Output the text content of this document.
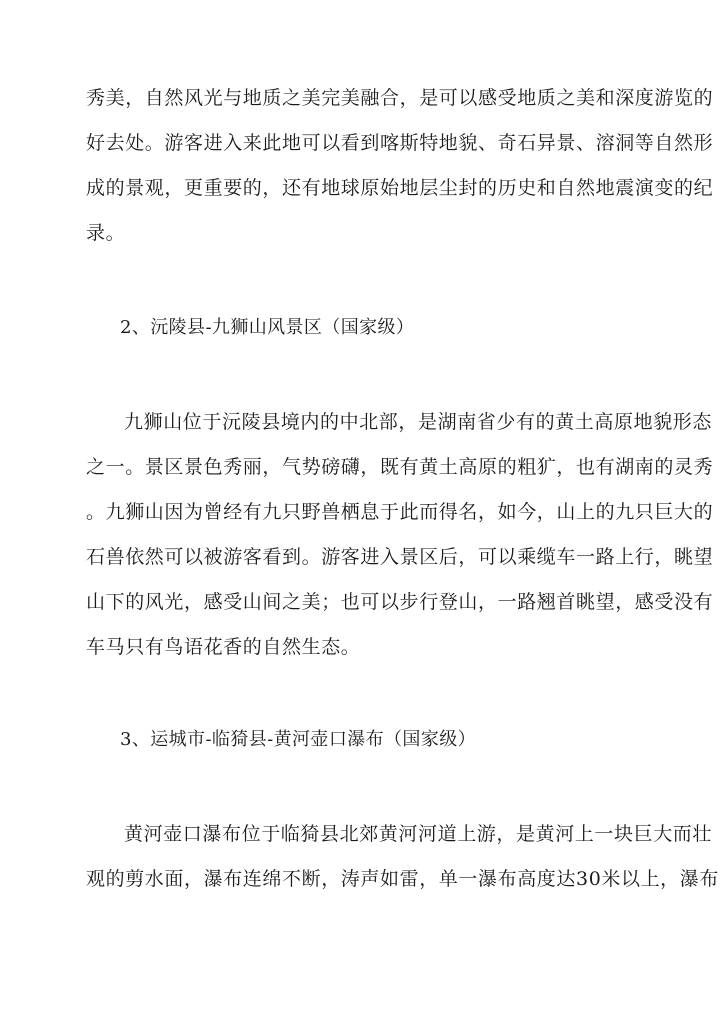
秀美，自然风光与地质之美完美融合，是可以感受地质之美和深度游览的
好去处。游客进入来此地可以看到喀斯特地貌、奇石异景、溶洞等自然形
成的景观，更重要的，还有地球原始地层尘封的历史和自然地震演变的纪
录。
2、沅陵县-九狮山风景区（国家级）
九狮山位于沅陵县境内的中北部，是湖南省少有的黄土高原地貌形态
之一。景区景色秀丽，气势磅礴，既有黄土高原的粗犷，也有湖南的灵秀
。九狮山因为曾经有九只野兽栖息于此而得名，如今，山上的九只巨大的
石兽依然可以被游客看到。游客进入景区后，可以乘缆车一路上行，眺望
山下的风光，感受山间之美；也可以步行登山，一路翘首眺望，感受没有
车马只有鸟语花香的自然生态。
3、运城市-临猗县-黄河壶口瀑布（国家级）
黄河壶口瀑布位于临猗县北郊黄河河道上游，是黄河上一块巨大而壮
观的剪水面，瀑布连绵不断，涛声如雷，单一瀑布高度达30米以上，瀑布
